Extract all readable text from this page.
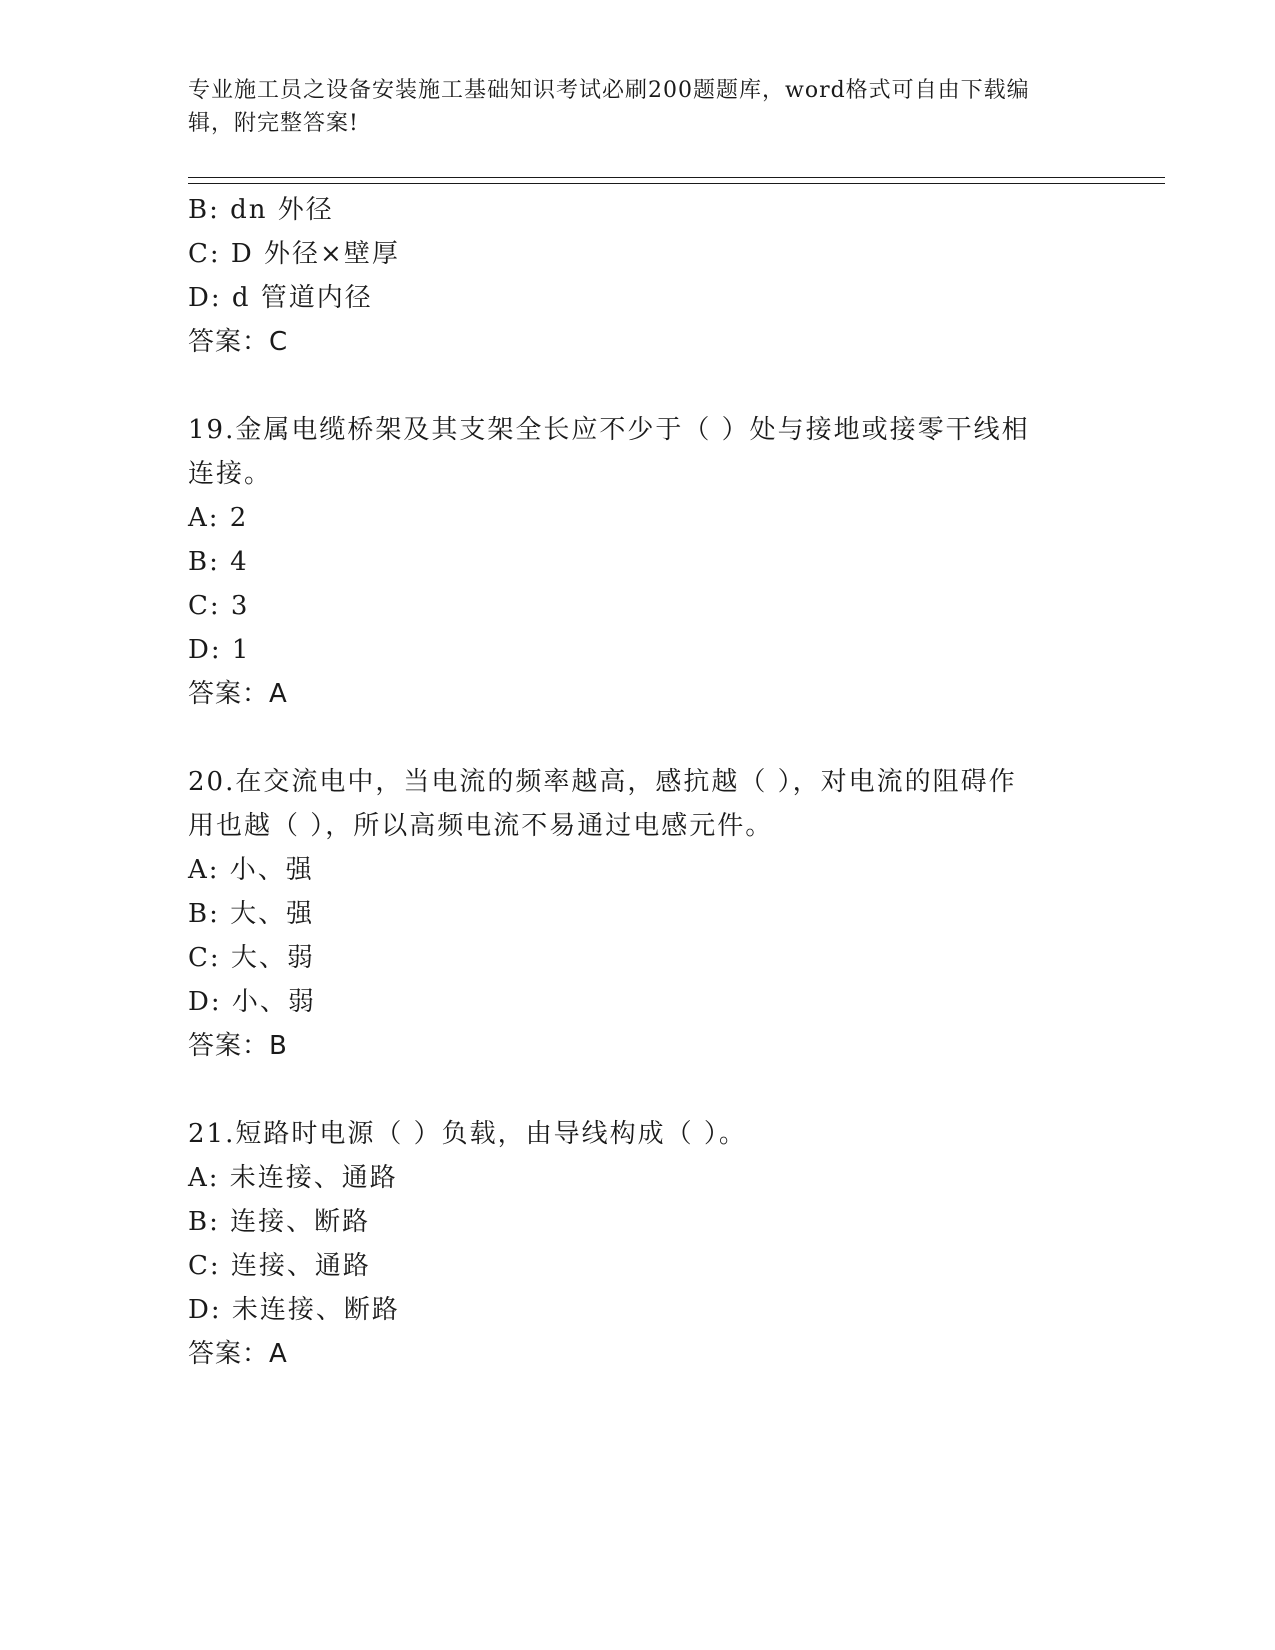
专业施工员之设备安装施工基础知识考试必刷200题题库，word格式可自由下载编辑，附完整答案!
B: dn 外径
C: D 外径×壁厚
D: d 管道内径
答案：C
19.金属电缆桥架及其支架全长应不少于（ ）处与接地或接零干线相
连接。
A: 2
B: 4
C: 3
D: 1
答案：A
20.在交流电中，当电流的频率越高，感抗越（ ），对电流的阻碍作
用也越（ ），所以高频电流不易通过电感元件。
A: 小、强
B: 大、强
C: 大、弱
D: 小、弱
答案：B
21.短路时电源（ ）负载，由导线构成（ ）。
A: 未连接、通路
B: 连接、断路
C: 连接、通路
D: 未连接、断路
答案：A
